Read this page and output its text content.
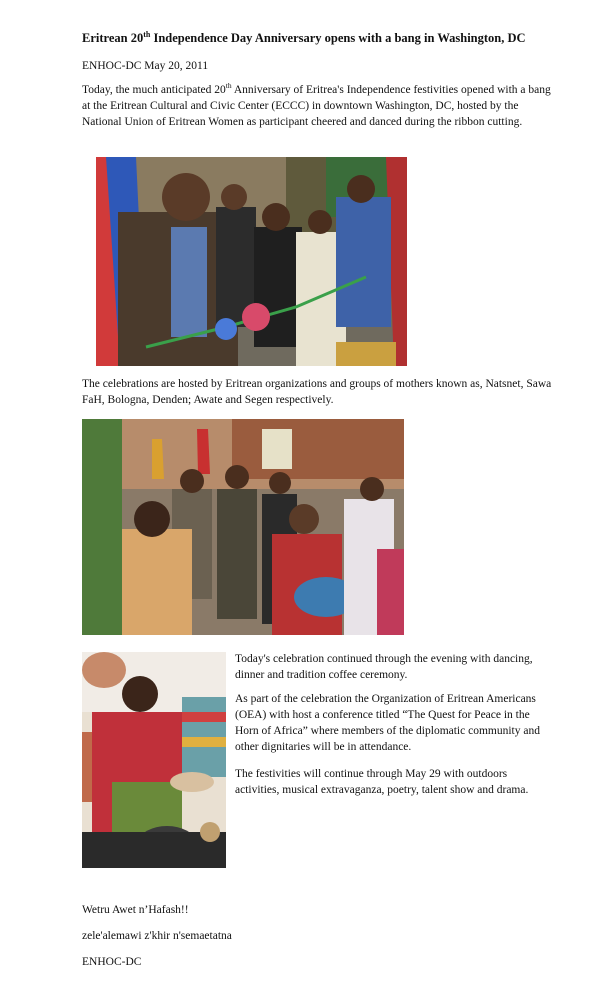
Eritrean 20th Independence Day Anniversary opens with a bang in Washington, DC
ENHOC-DC May 20, 2011

Today, the much anticipated 20th Anniversary of Eritrea's Independence festivities opened with a bang at the Eritrean Cultural and Civic Center (ECCC) in downtown Washington, DC, hosted by the National Union of Eritrean Women as participant cheered and danced during the ribbon cutting.

The celebrations are hosted by Eritrean organizations and groups of mothers known as, Natsnet, Sawa FaH, Bologna, Denden; Awate and Segen respectively.

Today's celebration continued through the evening with dancing, dinner and tradition coffee ceremony.

As part of the celebration the Organization of Eritrean Americans (OEA) with host a conference titled “The Quest for Peace in the Horn of Africa” where members of the diplomatic community and other dignitaries will be in attendance.

The festivities will continue through May 29 with outdoors activities, musical extravaganza, poetry, talent show and drama.

Wetru Awet n’Hafash!!
zele'alemawi z'khir n'semaetatna
ENHOC-DC
